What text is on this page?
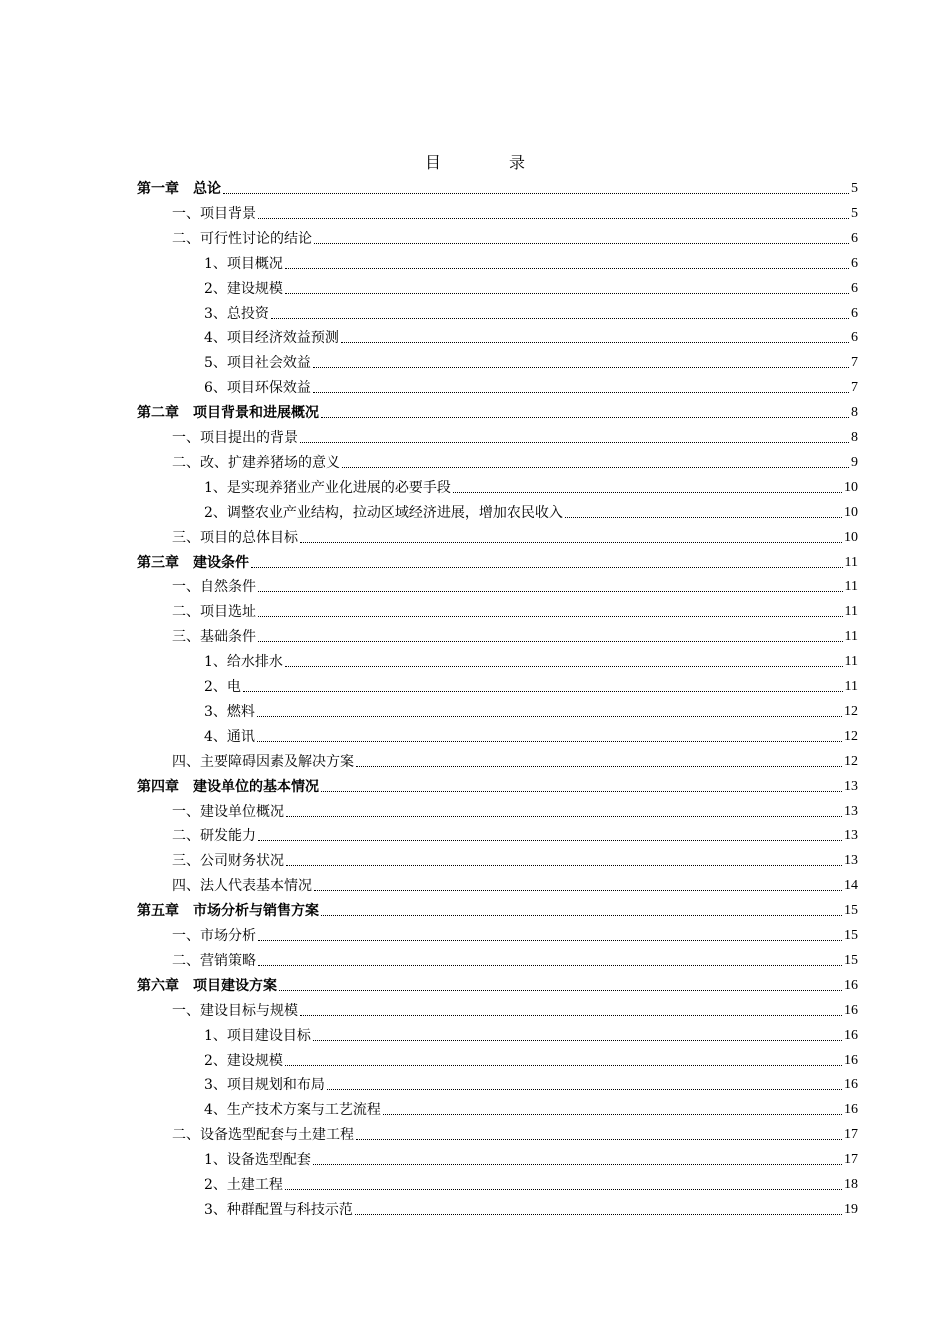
目　录
第一章　总论	5
一、项目背景	5
二、可行性讨论的结论	6
1、项目概况	6
2、建设规模	6
3、总投资	6
4、项目经济效益预测	6
5、项目社会效益	7
6、项目环保效益	7
第二章　项目背景和进展概况	8
一、项目提出的背景	8
二、改、扩建养猪场的意义	9
1、是实现养猪业产业化进展的必要手段	10
2、调整农业产业结构，拉动区域经济进展，增加农民收入	10
三、项目的总体目标	10
第三章　建设条件	11
一、自然条件	11
二、项目选址	11
三、基础条件	11
1、给水排水	11
2、电	11
3、燃料	12
4、通讯	12
四、主要障碍因素及解决方案	12
第四章　建设单位的基本情况	13
一、建设单位概况	13
二、研发能力	13
三、公司财务状况	13
四、法人代表基本情况	14
第五章　市场分析与销售方案	15
一、市场分析	15
二、营销策略	15
第六章　项目建设方案	16
一、建设目标与规模	16
1、项目建设目标	16
2、建设规模	16
3、项目规划和布局	16
4、生产技术方案与工艺流程	16
二、设备选型配套与土建工程	17
1、设备选型配套	17
2、土建工程	18
3、种群配置与科技示范	19
